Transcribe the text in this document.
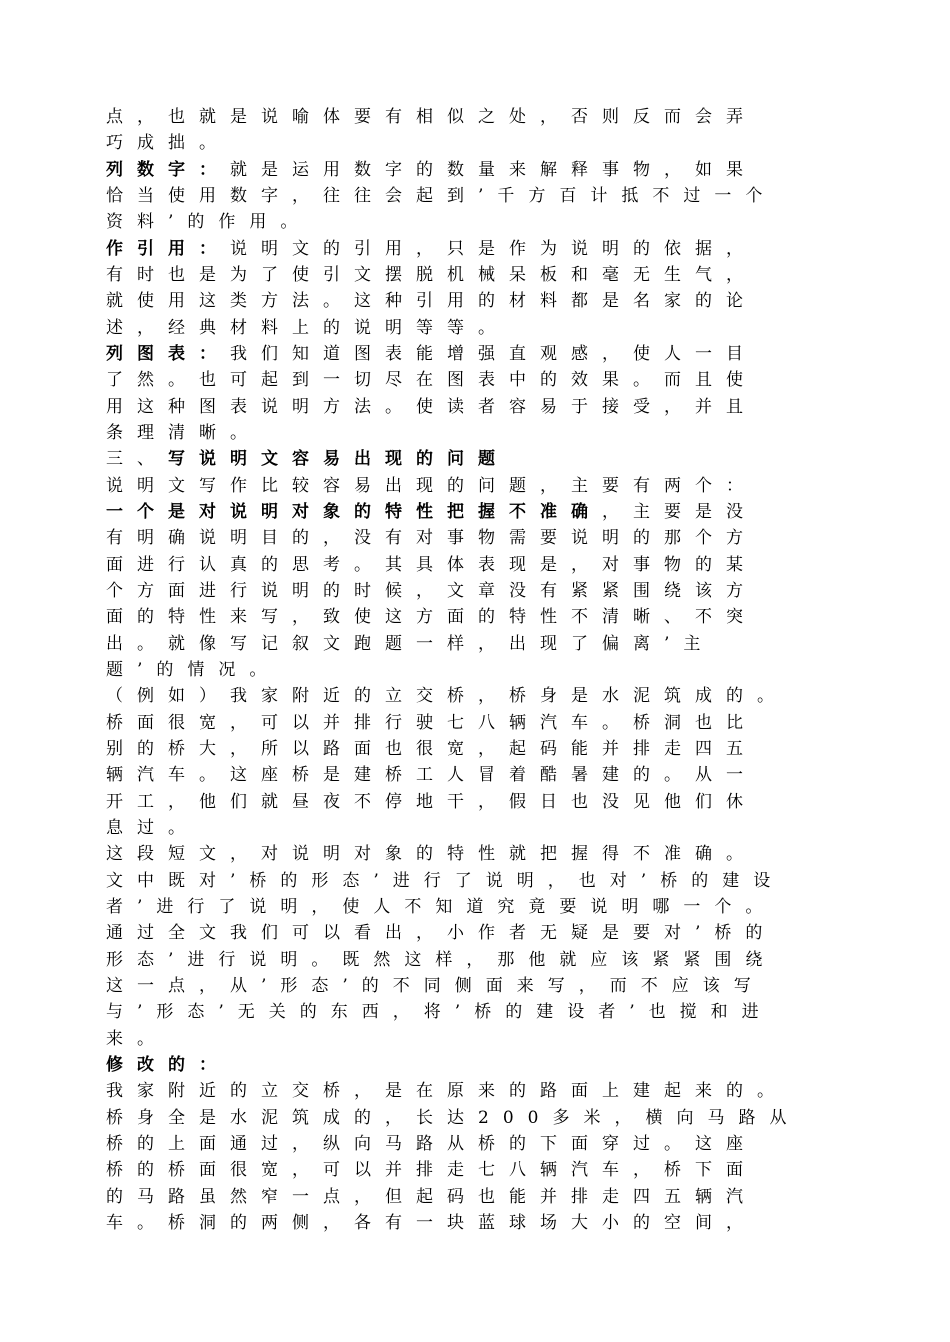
点，也就是说喻体要有相似之处，否则反而会弄

巧成拙。

列数字：就是运用数字的数量来解释事物，如果

恰当使用数字，往往会起到’千方百计抵不过一个

资料’的作用。

作引用：说明文的引用，只是作为说明的依据，

有时也是为了使引文摆脱机械呆板和毫无生气，

就使用这类方法。这种引用的材料都是名家的论

述，经典材料上的说明等等。

列图表：我们知道图表能增强直观感，使人一目

了然。也可起到一切尽在图表中的效果。而且使

用这种图表说明方法。使读者容易于接受，并且

条理清晰。

三、写说明文容易出现的问题

说明文写作比较容易出现的问题，主要有两个：

一个是对说明对象的特性把握不准确，主要是没

有明确说明目的，没有对事物需要说明的那个方

面进行认真的思考。其具体表现是，对事物的某

个方面进行说明的时候，文章没有紧紧围绕该方

面的特性来写，致使这方面的特性不清晰、不突

出。就像写记叙文跑题一样，出现了偏离’主

题’的情况。

（例如）我家附近的立交桥，桥身是水泥筑成的。

桥面很宽，可以并排行驶七八辆汽车。桥洞也比

别的桥大，所以路面也很宽，起码能并排走四五

辆汽车。这座桥是建桥工人冒着酷暑建的。从一

开工，他们就昼夜不停地干，假日也没见他们休

息过。

这段短文，对说明对象的特性就把握得不准确。

文中既对’桥的形态’进行了说明，也对’桥的建设

者’进行了说明，使人不知道究竟要说明哪一个。

通过全文我们可以看出，小作者无疑是要对’桥的

形态’进行说明。既然这样，那他就应该紧紧围绕

这一点，从’形态’的不同侧面来写，而不应该写

与’形态’无关的东西，将’桥的建设者’也搅和进

来。

修改的：

我家附近的立交桥，是在原来的路面上建起来的。

桥身全是水泥筑成的，长达200多米，横向马路从

桥的上面通过，纵向马路从桥的下面穿过。这座

桥的桥面很宽，可以并排走七八辆汽车，桥下面

的马路虽然窄一点，但起码也能并排走四五辆汽

车。桥洞的两侧，各有一块蓝球场大小的空间，
